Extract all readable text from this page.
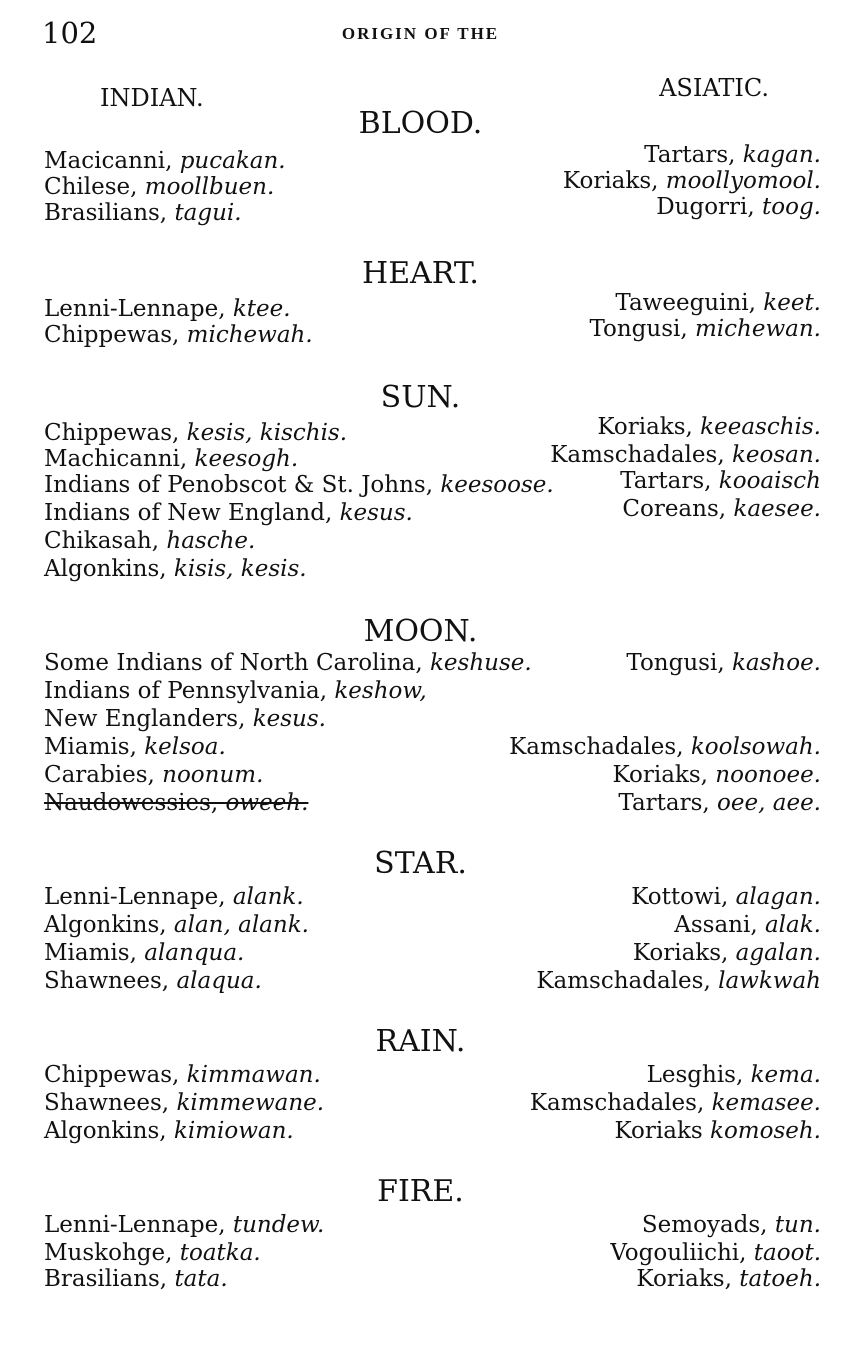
102	ORIGIN OF THE
INDIAN.	ASIATIC.
BLOOD.
Macicanni, pucakan.
Chilese, moollbuen.
Brasilians, tagui.
Tartars, kagan.
Koriaks, moollyomool.
Dugorri, toog.
HEART.
Lenni-Lennape, ktee.
Chippewas, michewah.
Taweeguini, keet.
Tongusi, michewan.
SUN.
Chippewas, kesis, kischis.
Machicanni, keesogh.
Indians of Penobscot & St. Johns, keesoose.
Indians of New England, kesus.
Chikasah, hasche.
Algonkins, kisis, kesis.
Koriaks, keeaschis.
Kamschadales, keosan.
Tartars, kooaisch
Coreans, kaesee.
MOON.
Some Indians of North Carolina, keshuse.
Indians of Pennsylvania, keshow,
New Englanders, kesus.
Miamis, kelsoa.
Carabies, noonum.
Naudowessies, oweeh.
Tongusi, kashoe.
Kamschadales, koolsowah.
Koriaks, noonoee.
Tartars, oee, aee.
STAR.
Lenni-Lennape, alank.
Algonkins, alan, alank.
Miamis, alanqua.
Shawnees, alaqua.
Kottowi, alagan.
Assani, alak.
Koriaks, agalan.
Kamschadales, lawkwah
RAIN.
Chippewas, kimmawan.
Shawnees, kimmewane.
Algonkins, kimiowan.
Lesghis, kema.
Kamschadales, kemasee.
Koriaks komoseh.
FIRE.
Lenni-Lennape, tundew.
Muskohge, toatka.
Brasilians, tata.
Semoyads, tun.
Vogouliichi, taoot.
Koriaks, tatoeh.
